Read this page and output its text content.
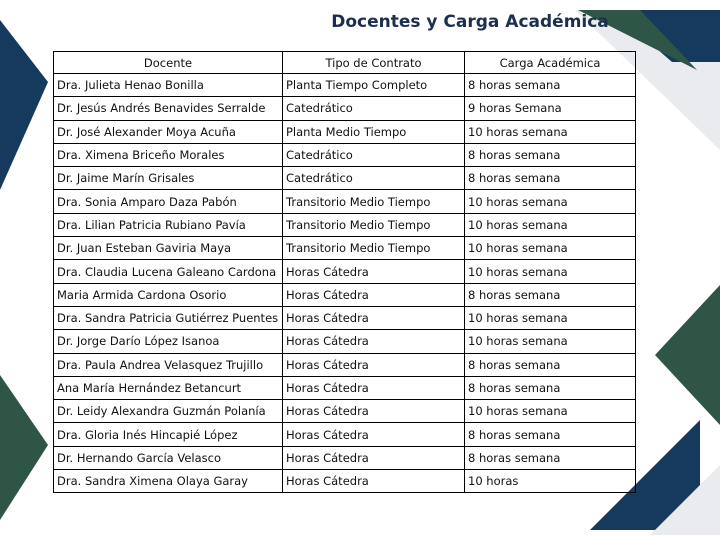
Docentes y Carga Académica
Docente	Tipo de Contrato	Carga Académica
Dra. Julieta Henao Bonilla	Planta Tiempo Completo	8 horas semana
Dr. Jesús Andrés Benavides Serralde	Catedrático	9 horas Semana
Dr. José Alexander Moya Acuña	Planta Medio Tiempo	10 horas semana
Dra. Ximena Briceño Morales	Catedrático	8 horas semana
Dr. Jaime Marín Grisales	Catedrático	8 horas semana
Dra. Sonia Amparo Daza Pabón	Transitorio Medio Tiempo	10 horas semana
Dra. Lilian Patricia Rubiano Pavía	Transitorio Medio Tiempo	10 horas semana
Dr. Juan Esteban Gaviria Maya	Transitorio Medio Tiempo	10 horas semana
Dra. Claudia Lucena Galeano Cardona	Horas Cátedra	10 horas semana
Maria Armida Cardona Osorio	Horas Cátedra	8 horas semana
Dra. Sandra Patricia Gutiérrez Puentes	Horas Cátedra	10 horas semana
Dr. Jorge Darío López Isanoa	Horas Cátedra	10 horas semana
Dra. Paula Andrea Velasquez Trujillo	Horas Cátedra	8 horas semana
Ana María Hernández Betancurt	Horas Cátedra	8 horas semana
Dr. Leidy Alexandra Guzmán Polanía	Horas Cátedra	10 horas semana
Dra. Gloria Inés Hincapié López	Horas Cátedra	8 horas semana
Dr. Hernando García Velasco	Horas Cátedra	8 horas semana
Dra. Sandra Ximena Olaya Garay	Horas Cátedra	10 horas
